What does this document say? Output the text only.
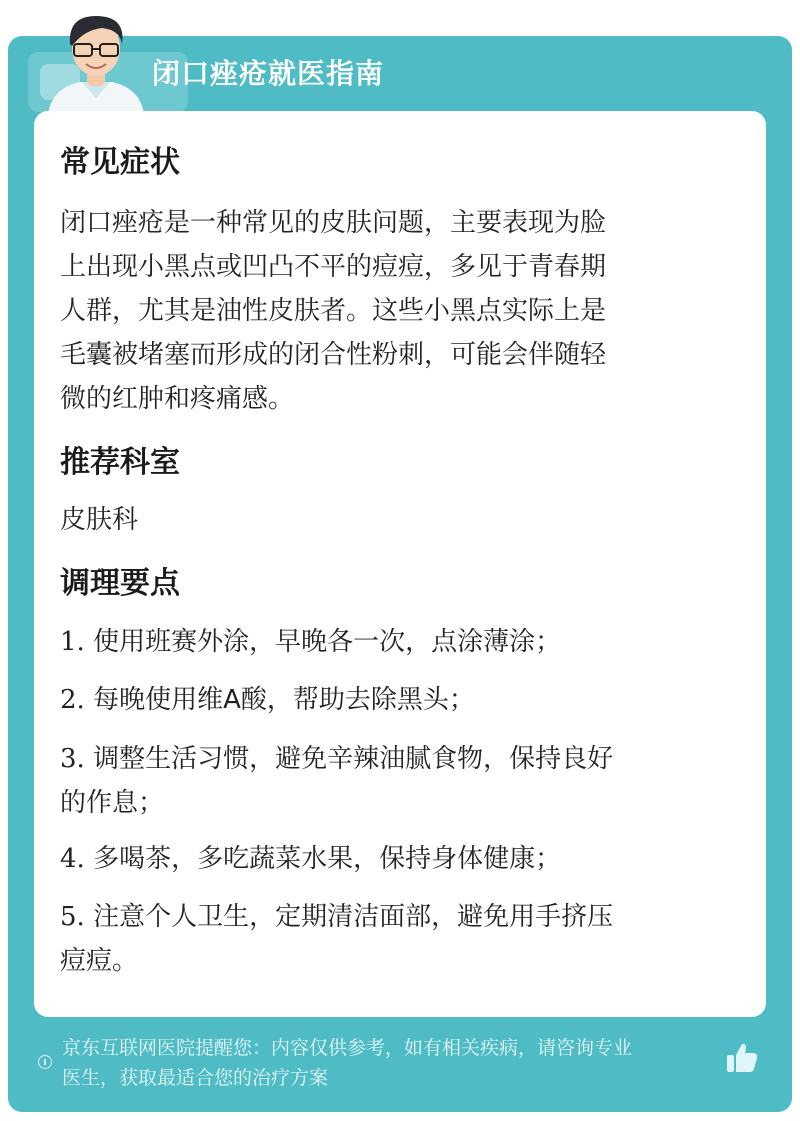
闭口痤疮就医指南
常见症状
闭口痤疮是一种常见的皮肤问题，主要表现为脸
上出现小黑点或凹凸不平的痘痘，多见于青春期
人群，尤其是油性皮肤者。这些小黑点实际上是
毛囊被堵塞而形成的闭合性粉刺，可能会伴随轻
微的红肿和疼痛感。
推荐科室
皮肤科
调理要点
1. 使用班赛外涂，早晚各一次，点涂薄涂；
2. 每晚使用维A酸，帮助去除黑头；
3. 调整生活习惯，避免辛辣油腻食物，保持良好
的作息；
4. 多喝茶，多吃蔬菜水果，保持身体健康；
5. 注意个人卫生，定期清洁面部，避免用手挤压
痘痘。
京东互联网医院提醒您：内容仅供参考，如有相关疾病，请咨询专业
医生，获取最适合您的治疗方案
